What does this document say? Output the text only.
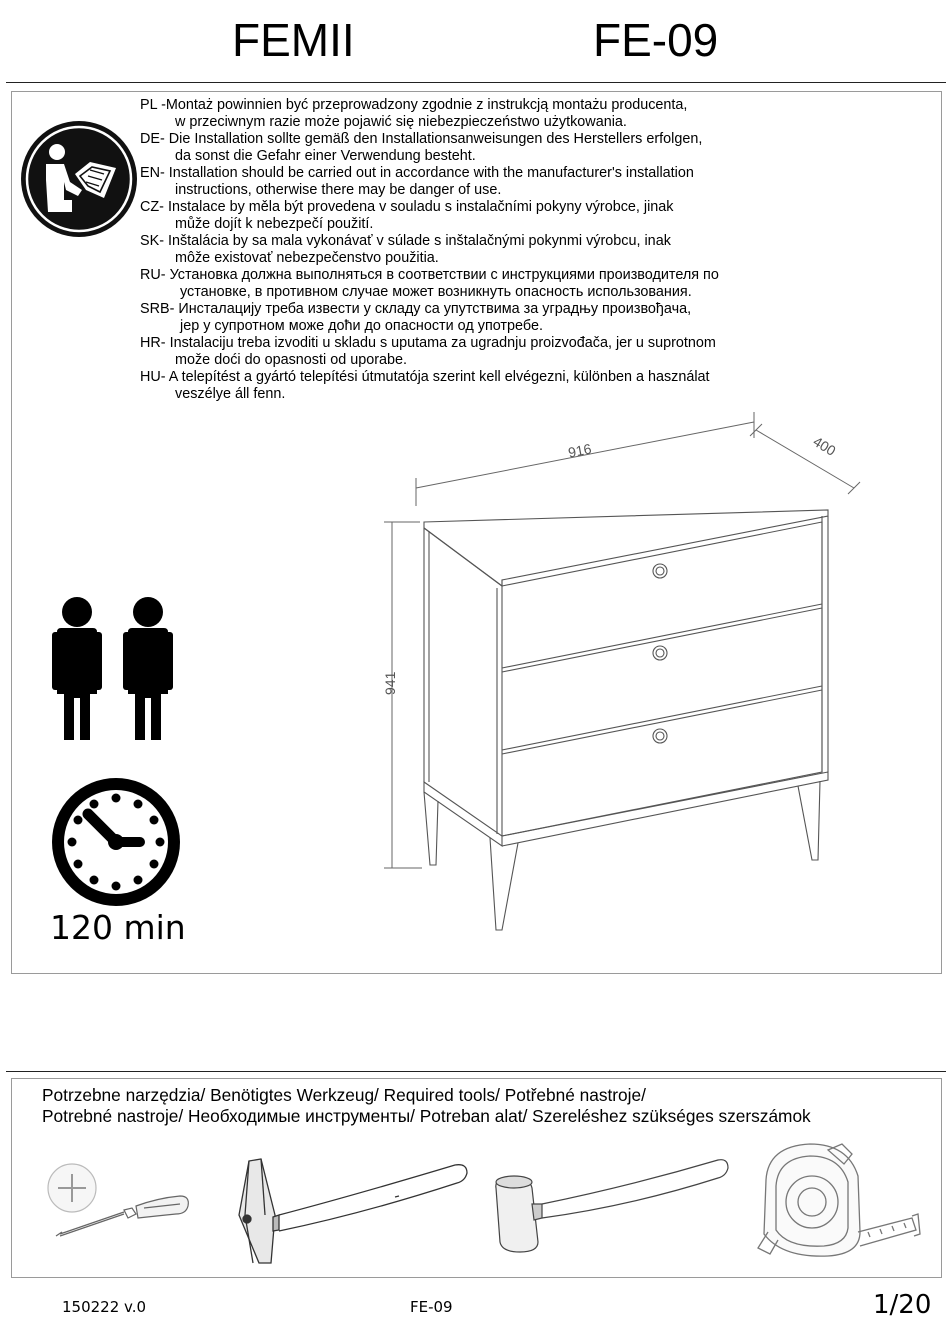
FEMII	FE-09
PL -Montaż powinnien być przeprowadzony zgodnie z instrukcją montażu producenta,
w przeciwnym razie może pojawić się niebezpieczeństwo użytkowania.
DE- Die Installation sollte gemäß den Installationsanweisungen des Herstellers erfolgen,
da sonst die Gefahr einer Verwendung besteht.
EN- Installation should be carried out in accordance with the manufacturer's installation
instructions, otherwise there may be danger of use.
CZ- Instalace by měla být provedena v souladu s instalačními pokyny výrobce, jinak
může dojít k nebezpečí použití.
SK- Inštalácia by sa mala vykonávať v súlade s inštalačnými pokynmi výrobcu, inak
môže existovať nebezpečenstvo použitia.
RU- Установка должна выполняться в соответствии с инструкциями производителя по
установке, в противном случае может возникнуть опасность использования.
SRB- Инсталацију треба извести у складу са упутствима за уградњу произвођача,
јер у супротном може доћи до опасности од употребе.
HR- Instalaciju treba izvoditi u skladu s uputama za ugradnju proizvođača, jer u suprotnom
može doći do opasnosti od uporabe.
HU- A telepítést a gyártó telepítési útmutatója szerint kell elvégezni, különben a használat
veszélye áll fenn.
120 min
916	400
941
Potrzebne narzędzia/ Benötigtes Werkzeug/ Required tools/ Potřebné nastroje/
Potrebné nastroje/ Необходимые инструменты/ Potreban alat/ Szereléshez szükséges szerszámok
150222 v.0	FE-09	1/20
